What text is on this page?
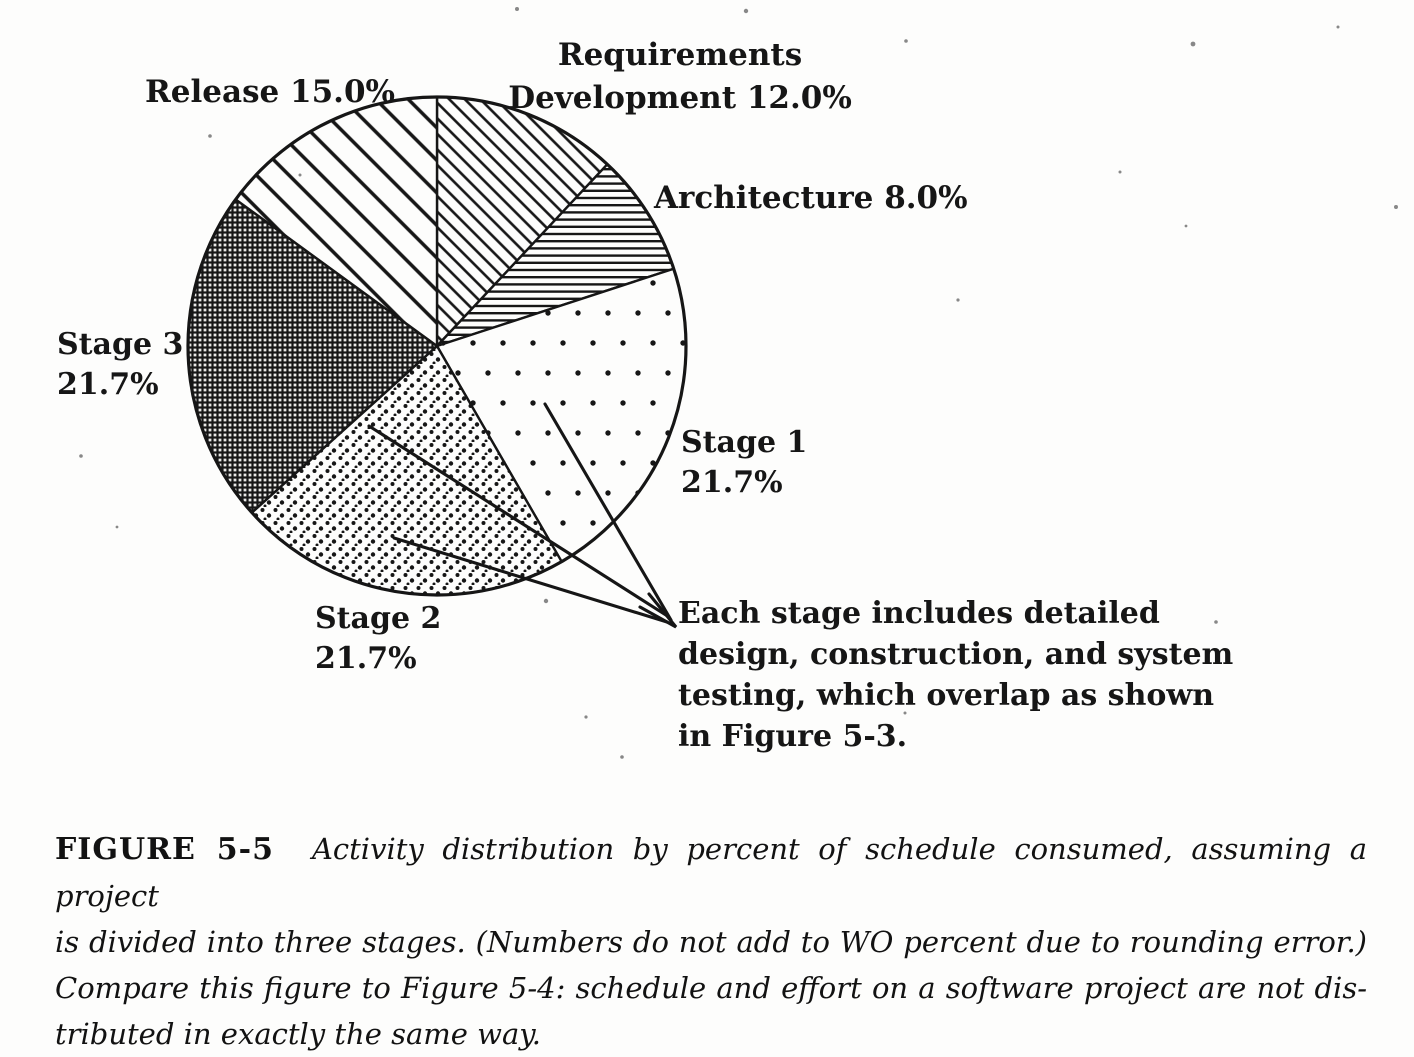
Requirements
Development 12.0%
Release 15.0%
Architecture 8.0%
Stage 3
21.7%
Stage 1
21.7%
Stage 2
21.7%
Each stage includes detailed
design, construction, and system
testing, which overlap as shown
in Figure 5-3.
FIGURE 5-5 Activity distribution by percent of schedule consumed, assuming a project
is divided into three stages. (Numbers do not add to WO percent due to rounding error.)
Compare this figure to Figure 5-4: schedule and effort on a software project are not dis-
tributed in exactly the same way.
